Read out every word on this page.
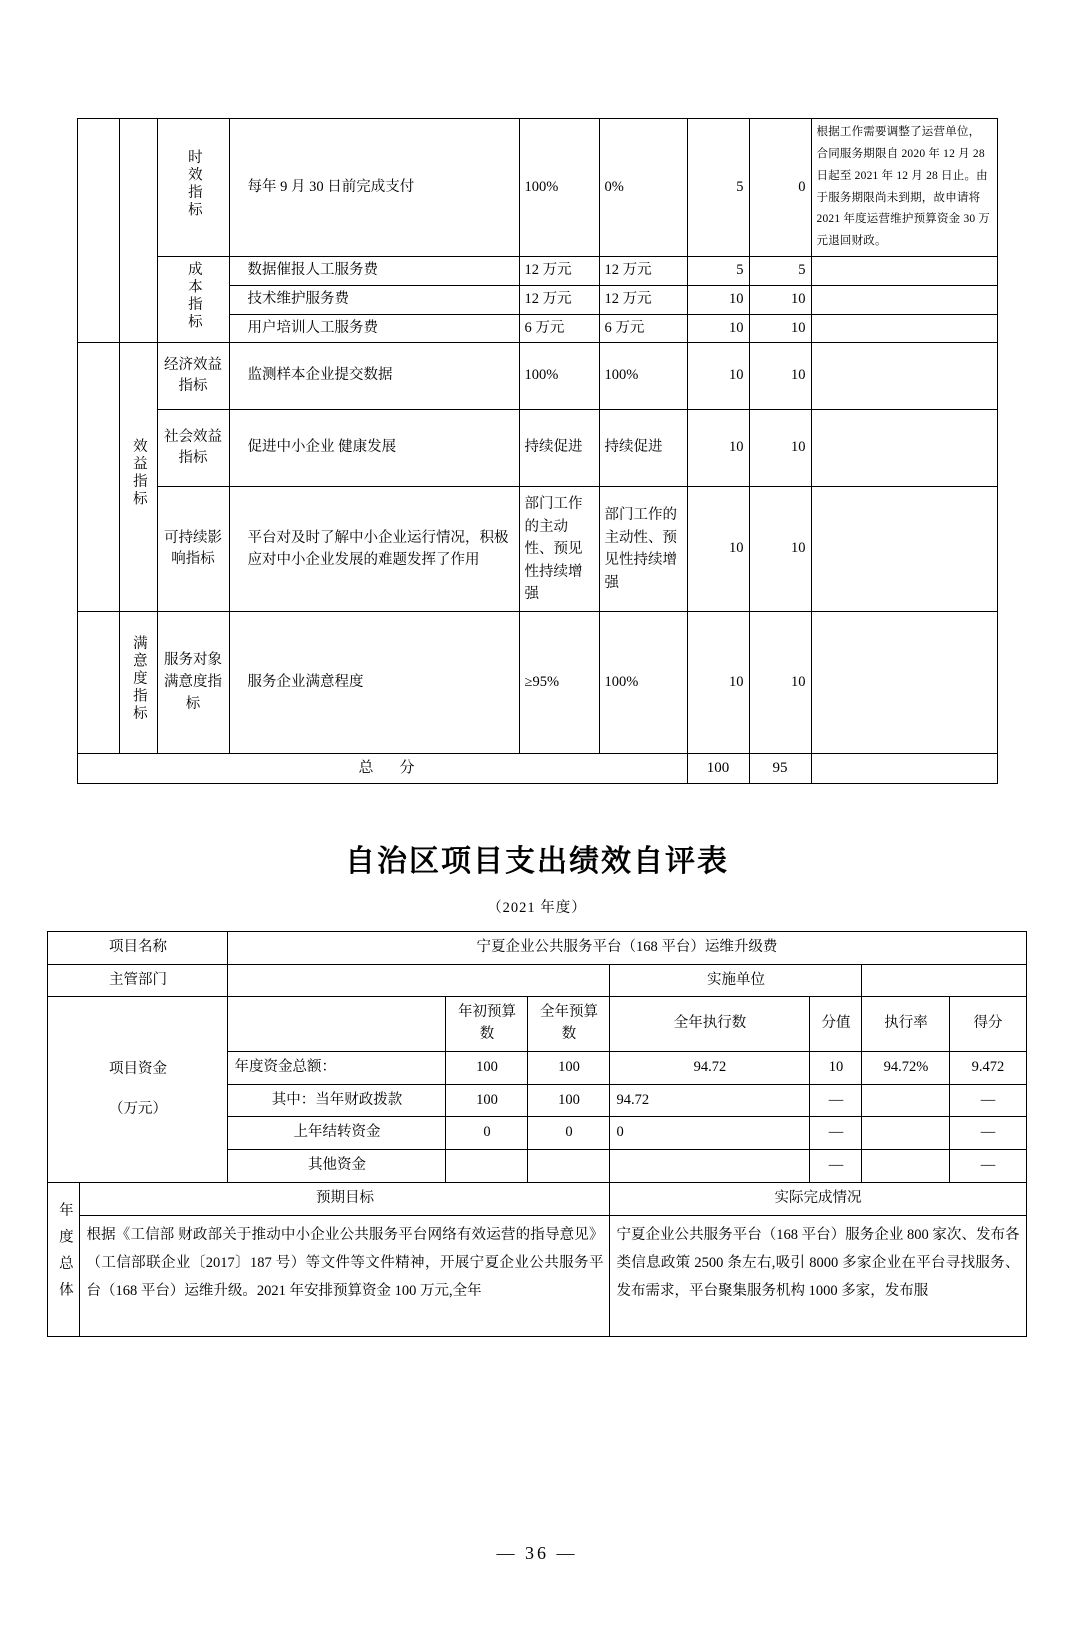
		时效指标	每年 9 月 30 日前完成支付	100%	0%	5	0	根据工作需要调整了运营单位，合同服务期限自 2020 年 12 月 28 日起至 2021 年 12 月 28 日止。由于服务期限尚未到期，故申请将 2021 年度运营维护预算资金 30 万元退回财政。
		成本指标	数据催报人工服务费	12 万元	12 万元	5	5	
			技术维护服务费	12 万元	12 万元	10	10	
			用户培训人工服务费	6 万元	6 万元	10	10	
	效益指标	经济效益指标	监测样本企业提交数据	100%	100%	10	10	
		社会效益指标	促进中小企业 健康发展	持续促进	持续促进	10	10	
		可持续影响指标	平台对及时了解中小企业运行情况，积极应对中小企业发展的难题发挥了作用	部门工作的主动性、预见性持续增强	部门工作的主动性、预见性持续增强	10	10	
	满意度指标	服务对象满意度指标	服务企业满意程度	≥95%	100%	10	10	
总分						100	95	
自治区项目支出绩效自评表
（2021 年度）
项目名称		宁夏企业公共服务平台（168 平台）运维升级费						
主管部门					实施单位			

项目资金
（万元）			年初预算数	全年预算数	全年执行数	分值	执行率	得分
		年度资金总额：	100	100	94.72	10	94.72%	9.472
		其中：当年财政拨款	100	100	94.72	—		—
		上年结转资金	0	0	0	—		—
		其他资金				—		—
年度总体	预期目标				实际完成情况			
	根据《工信部 财政部关于推动中小企业公共服务平台网络有效运营的指导意见》（工信部联企业〔2017〕187 号）等文件等文件精神，开展宁夏企业公共服务平台（168 平台）运维升级。2021 年安排预算资金 100 万元,全年				宁夏企业公共服务平台（168 平台）服务企业 800 家次、发布各类信息政策 2500 条左右,吸引 8000 多家企业在平台寻找服务、发布需求，平台聚集服务机构 1000 多家，发布服			
— 36 —
